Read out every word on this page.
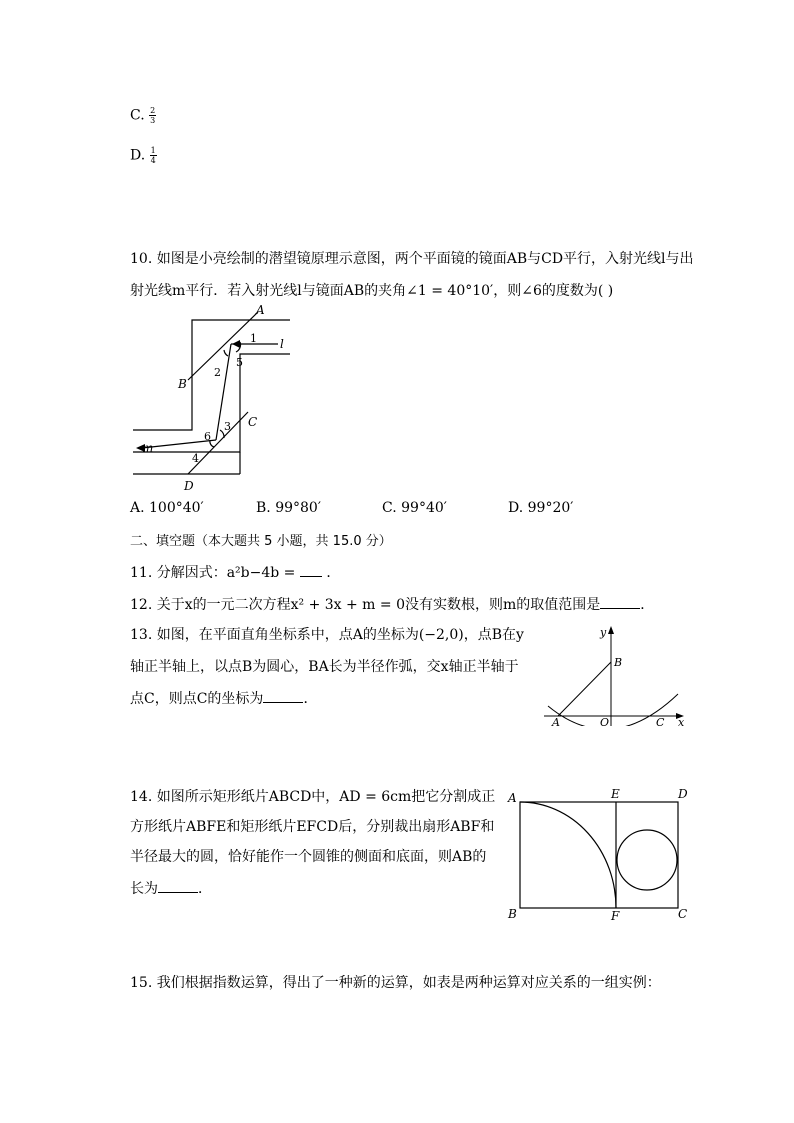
C. $\frac{2}{3}$
D. $\frac{1}{4}$
10. 如图是小亮绘制的潜望镜原理示意图，两个平面镜的镜面AB与CD平行，入射光线l与出
射光线m平行．若入射光线l与镜面AB的夹角∠1 = 40°10′，则∠6的度数为( )
A
B
C
D
l
m
1
2
3
4
5
6
A. 100°40′	B. 99°80′	C. 99°40′	D. 99°20′
二、填空题（本大题共 5 小题，共 15.0 分）
11. 分解因式：a²b−4b =  ．
12. 关于x的一元二次方程x² + 3x + m = 0没有实数根，则m的取值范围是	．
13. 如图，在平面直角坐标系中，点A的坐标为(−2,0)，点B在y
轴正半轴上，以点B为圆心，BA长为半径作弧，交x轴正半轴于
点C，则点C的坐标为	．
y
x
B
A	O	C
14. 如图所示矩形纸片ABCD中，AD = 6cm把它分割成正
方形纸片ABFE和矩形纸片EFCD后，分别裁出扇形ABF和
半径最大的圆，恰好能作一个圆锥的侧面和底面，则AB的
长为	．
A	E	D
B	F	C
15. 我们根据指数运算，得出了一种新的运算，如表是两种运算对应关系的一组实例：
